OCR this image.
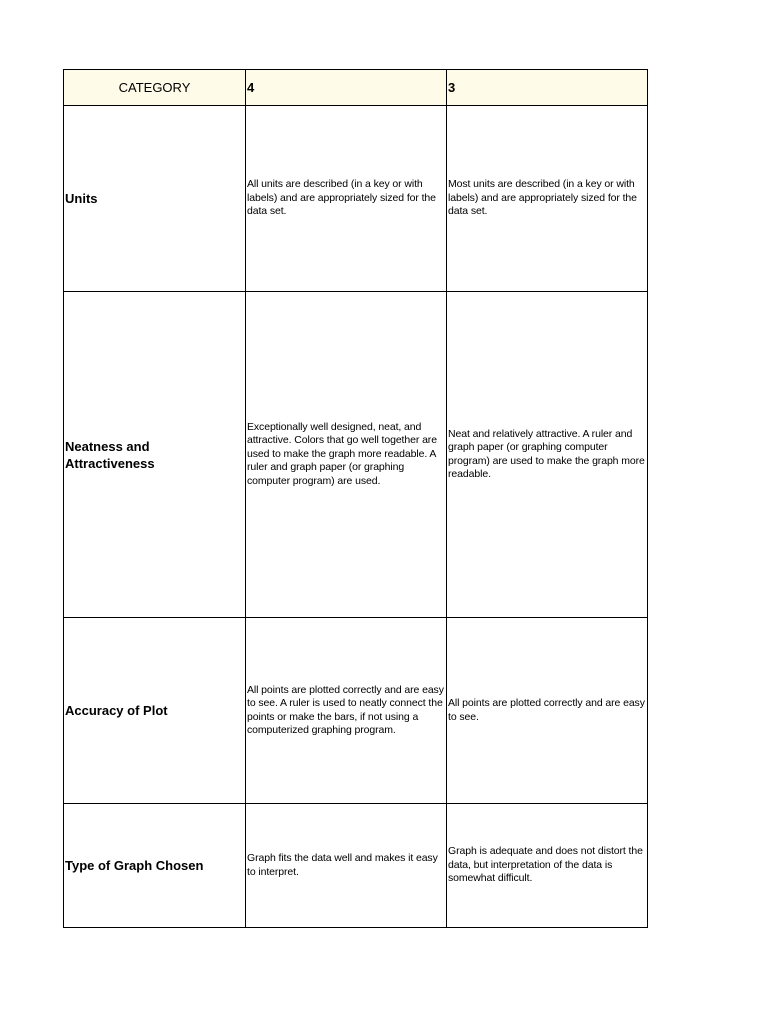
CATEGORY	4	3
Units	All units are described (in a key or with labels) and are appropriately sized for the data set.	Most units are described (in a key or with labels) and are appropriately sized for the data set.
Neatness and Attractiveness	Exceptionally well designed, neat, and attractive. Colors that go well together are used to make the graph more readable. A ruler and graph paper (or graphing computer program) are used.	Neat and relatively attractive. A ruler and graph paper (or graphing computer program) are used to make the graph more readable.
Accuracy of Plot	All points are plotted correctly and are easy to see. A ruler is used to neatly connect the points or make the bars, if not using a computerized graphing program.	All points are plotted correctly and are easy to see.
Type of Graph Chosen	Graph fits the data well and makes it easy to interpret.	Graph is adequate and does not distort the data, but interpretation of the data is somewhat difficult.
